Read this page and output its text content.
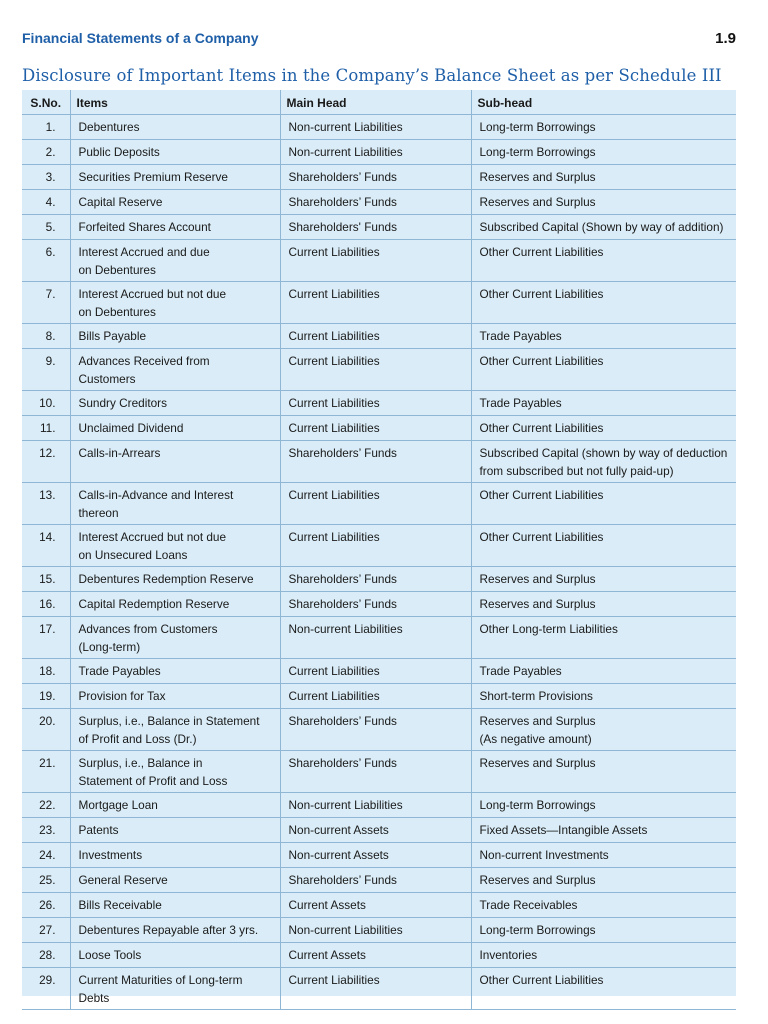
Financial Statements of a Company	1.9
Disclosure of Important Items in the Company’s Balance Sheet as per Schedule III
S.No.	Items	Main Head	Sub-head
1.	Debentures	Non-current Liabilities	Long-term Borrowings
2.	Public Deposits	Non-current Liabilities	Long-term Borrowings
3.	Securities Premium Reserve	Shareholders’ Funds	Reserves and Surplus
4.	Capital Reserve	Shareholders’ Funds	Reserves and Surplus
5.	Forfeited Shares Account	Shareholders' Funds	Subscribed Capital (Shown by way of addition)
6.	Interest Accrued and due
on Debentures	Current Liabilities	Other Current Liabilities
7.	Interest Accrued but not due
on Debentures	Current Liabilities	Other Current Liabilities
8.	Bills Payable	Current Liabilities	Trade Payables
9.	Advances Received from
Customers	Current Liabilities	Other Current Liabilities
10.	Sundry Creditors	Current Liabilities	Trade Payables
11.	Unclaimed Dividend	Current Liabilities	Other Current Liabilities
12.	Calls-in-Arrears	Shareholders’ Funds	Subscribed Capital (shown by way of deduction
from subscribed but not fully paid-up)
13.	Calls-in-Advance and Interest
thereon	Current Liabilities	Other Current Liabilities
14.	Interest Accrued but not due
on Unsecured Loans	Current Liabilities	Other Current Liabilities
15.	Debentures Redemption Reserve	Shareholders’ Funds	Reserves and Surplus
16.	Capital Redemption Reserve	Shareholders’ Funds	Reserves and Surplus
17.	Advances from Customers
(Long-term)	Non-current Liabilities	Other Long-term Liabilities
18.	Trade Payables	Current Liabilities	Trade Payables
19.	Provision for Tax	Current Liabilities	Short-term Provisions
20.	Surplus, i.e., Balance in Statement
of Profit and Loss (Dr.)	Shareholders’ Funds	Reserves and Surplus
(As negative amount)
21.	Surplus, i.e., Balance in
Statement of Profit and Loss	Shareholders’ Funds	Reserves and Surplus
22.	Mortgage Loan	Non-current Liabilities	Long-term Borrowings
23.	Patents	Non-current Assets	Fixed Assets—Intangible Assets
24.	Investments	Non-current Assets	Non-current Investments
25.	General Reserve	Shareholders’ Funds	Reserves and Surplus
26.	Bills Receivable	Current Assets	Trade Receivables
27.	Debentures Repayable after 3 yrs.	Non-current Liabilities	Long-term Borrowings
28.	Loose Tools	Current Assets	Inventories
29.	Current Maturities of Long-term
Debts	Current Liabilities	Other Current Liabilities
